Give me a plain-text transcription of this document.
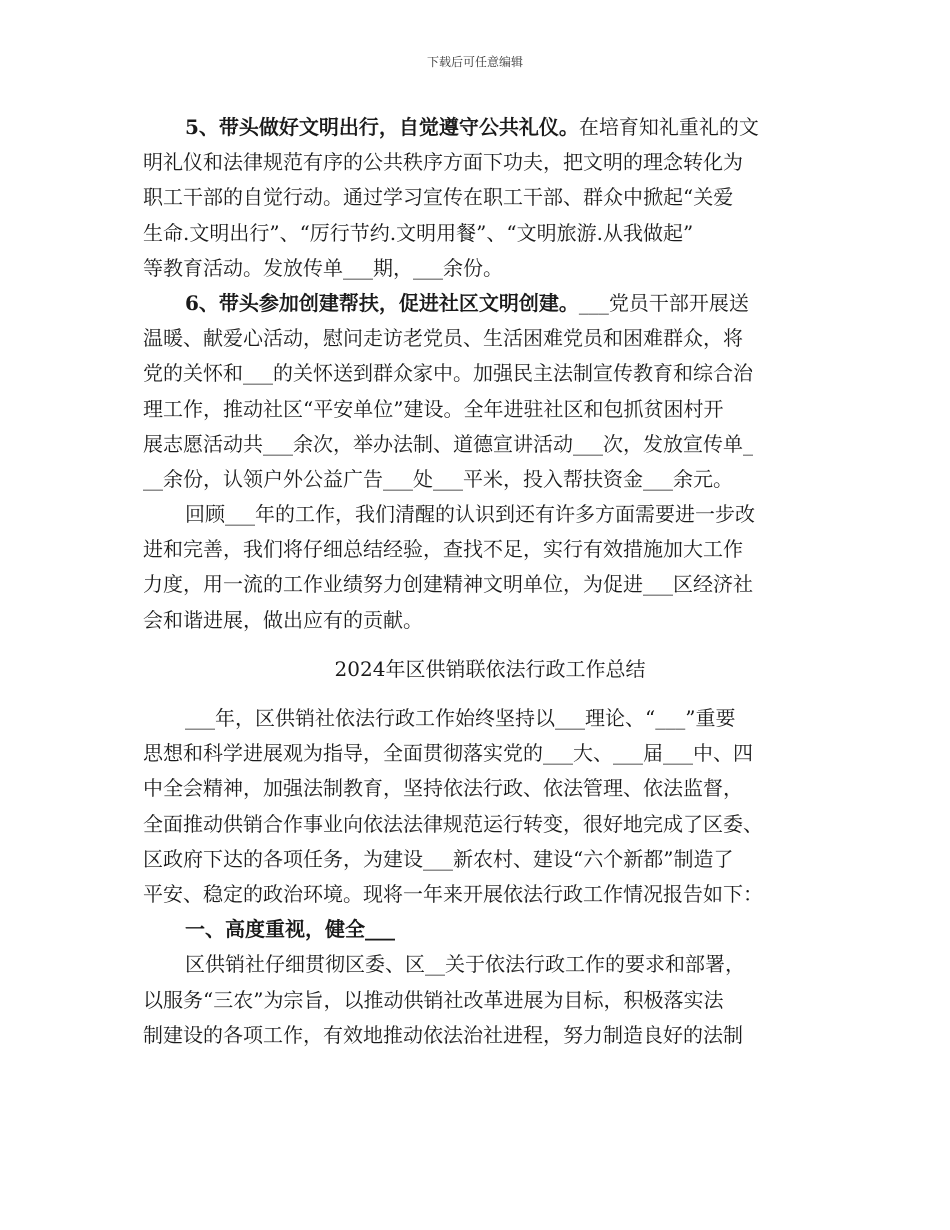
下载后可任意编辑
5、带头做好文明出行，自觉遵守公共礼仪。在培育知礼重礼的文
明礼仪和法律规范有序的公共秩序方面下功夫，把文明的理念转化为
职工干部的自觉行动。通过学习宣传在职工干部、群众中掀起“关爱
生命.文明出行”、“厉行节约.文明用餐”、“文明旅游.从我做起”
等教育活动。发放传单___期，___余份。
6、带头参加创建帮扶，促进社区文明创建。___党员干部开展送
温暖、献爱心活动，慰问走访老党员、生活困难党员和困难群众，将
党的关怀和___的关怀送到群众家中。加强民主法制宣传教育和综合治
理工作，推动社区“平安单位”建设。全年进驻社区和包抓贫困村开
展志愿活动共___余次，举办法制、道德宣讲活动___次，发放宣传单_
__余份，认领户外公益广告___处___平米，投入帮扶资金___余元。
回顾___年的工作，我们清醒的认识到还有许多方面需要进一步改
进和完善，我们将仔细总结经验，查找不足，实行有效措施加大工作
力度，用一流的工作业绩努力创建精神文明单位，为促进___区经济社
会和谐进展，做出应有的贡献。
2024年区供销联依法行政工作总结
___年，区供销社依法行政工作始终坚持以___理论、“___”重要
思想和科学进展观为指导，全面贯彻落实党的___大、___届___中、四
中全会精神，加强法制教育，坚持依法行政、依法管理、依法监督，
全面推动供销合作事业向依法法律规范运行转变，很好地完成了区委、
区政府下达的各项任务，为建设___新农村、建设“六个新都”制造了
平安、稳定的政治环境。现将一年来开展依法行政工作情况报告如下：
一、高度重视，健全___
区供销社仔细贯彻区委、区__关于依法行政工作的要求和部署，
以服务“三农”为宗旨，以推动供销社改革进展为目标，积极落实法
制建设的各项工作，有效地推动依法治社进程，努力制造良好的法制
